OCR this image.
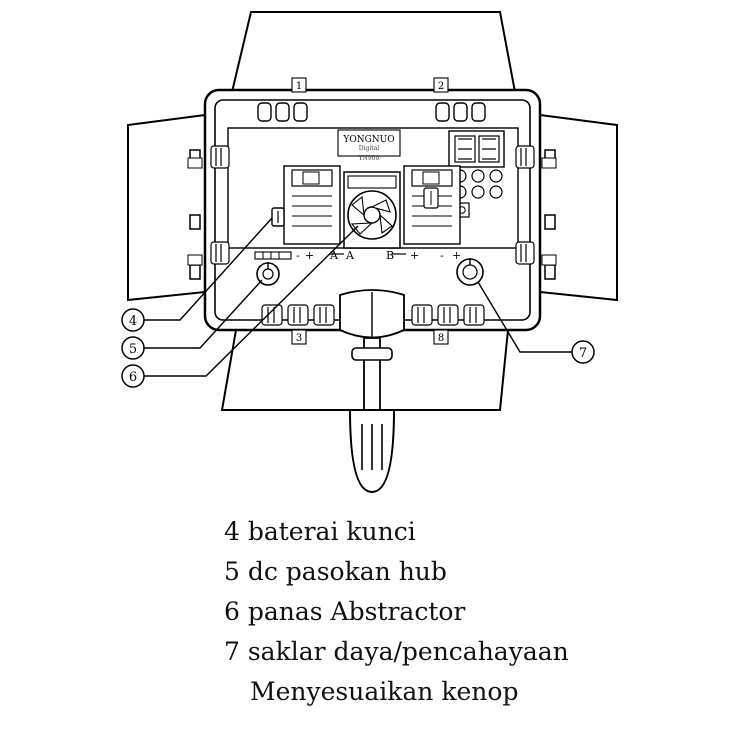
YONGNUO
Digital
YN900
- + A A	B + - +
1	2
3	8
4
5
6
7
4 baterai kunci
5 dc pasokan hub
6 panas Abstractor
7 saklar daya/pencahayaan
Menyesuaikan kenop
